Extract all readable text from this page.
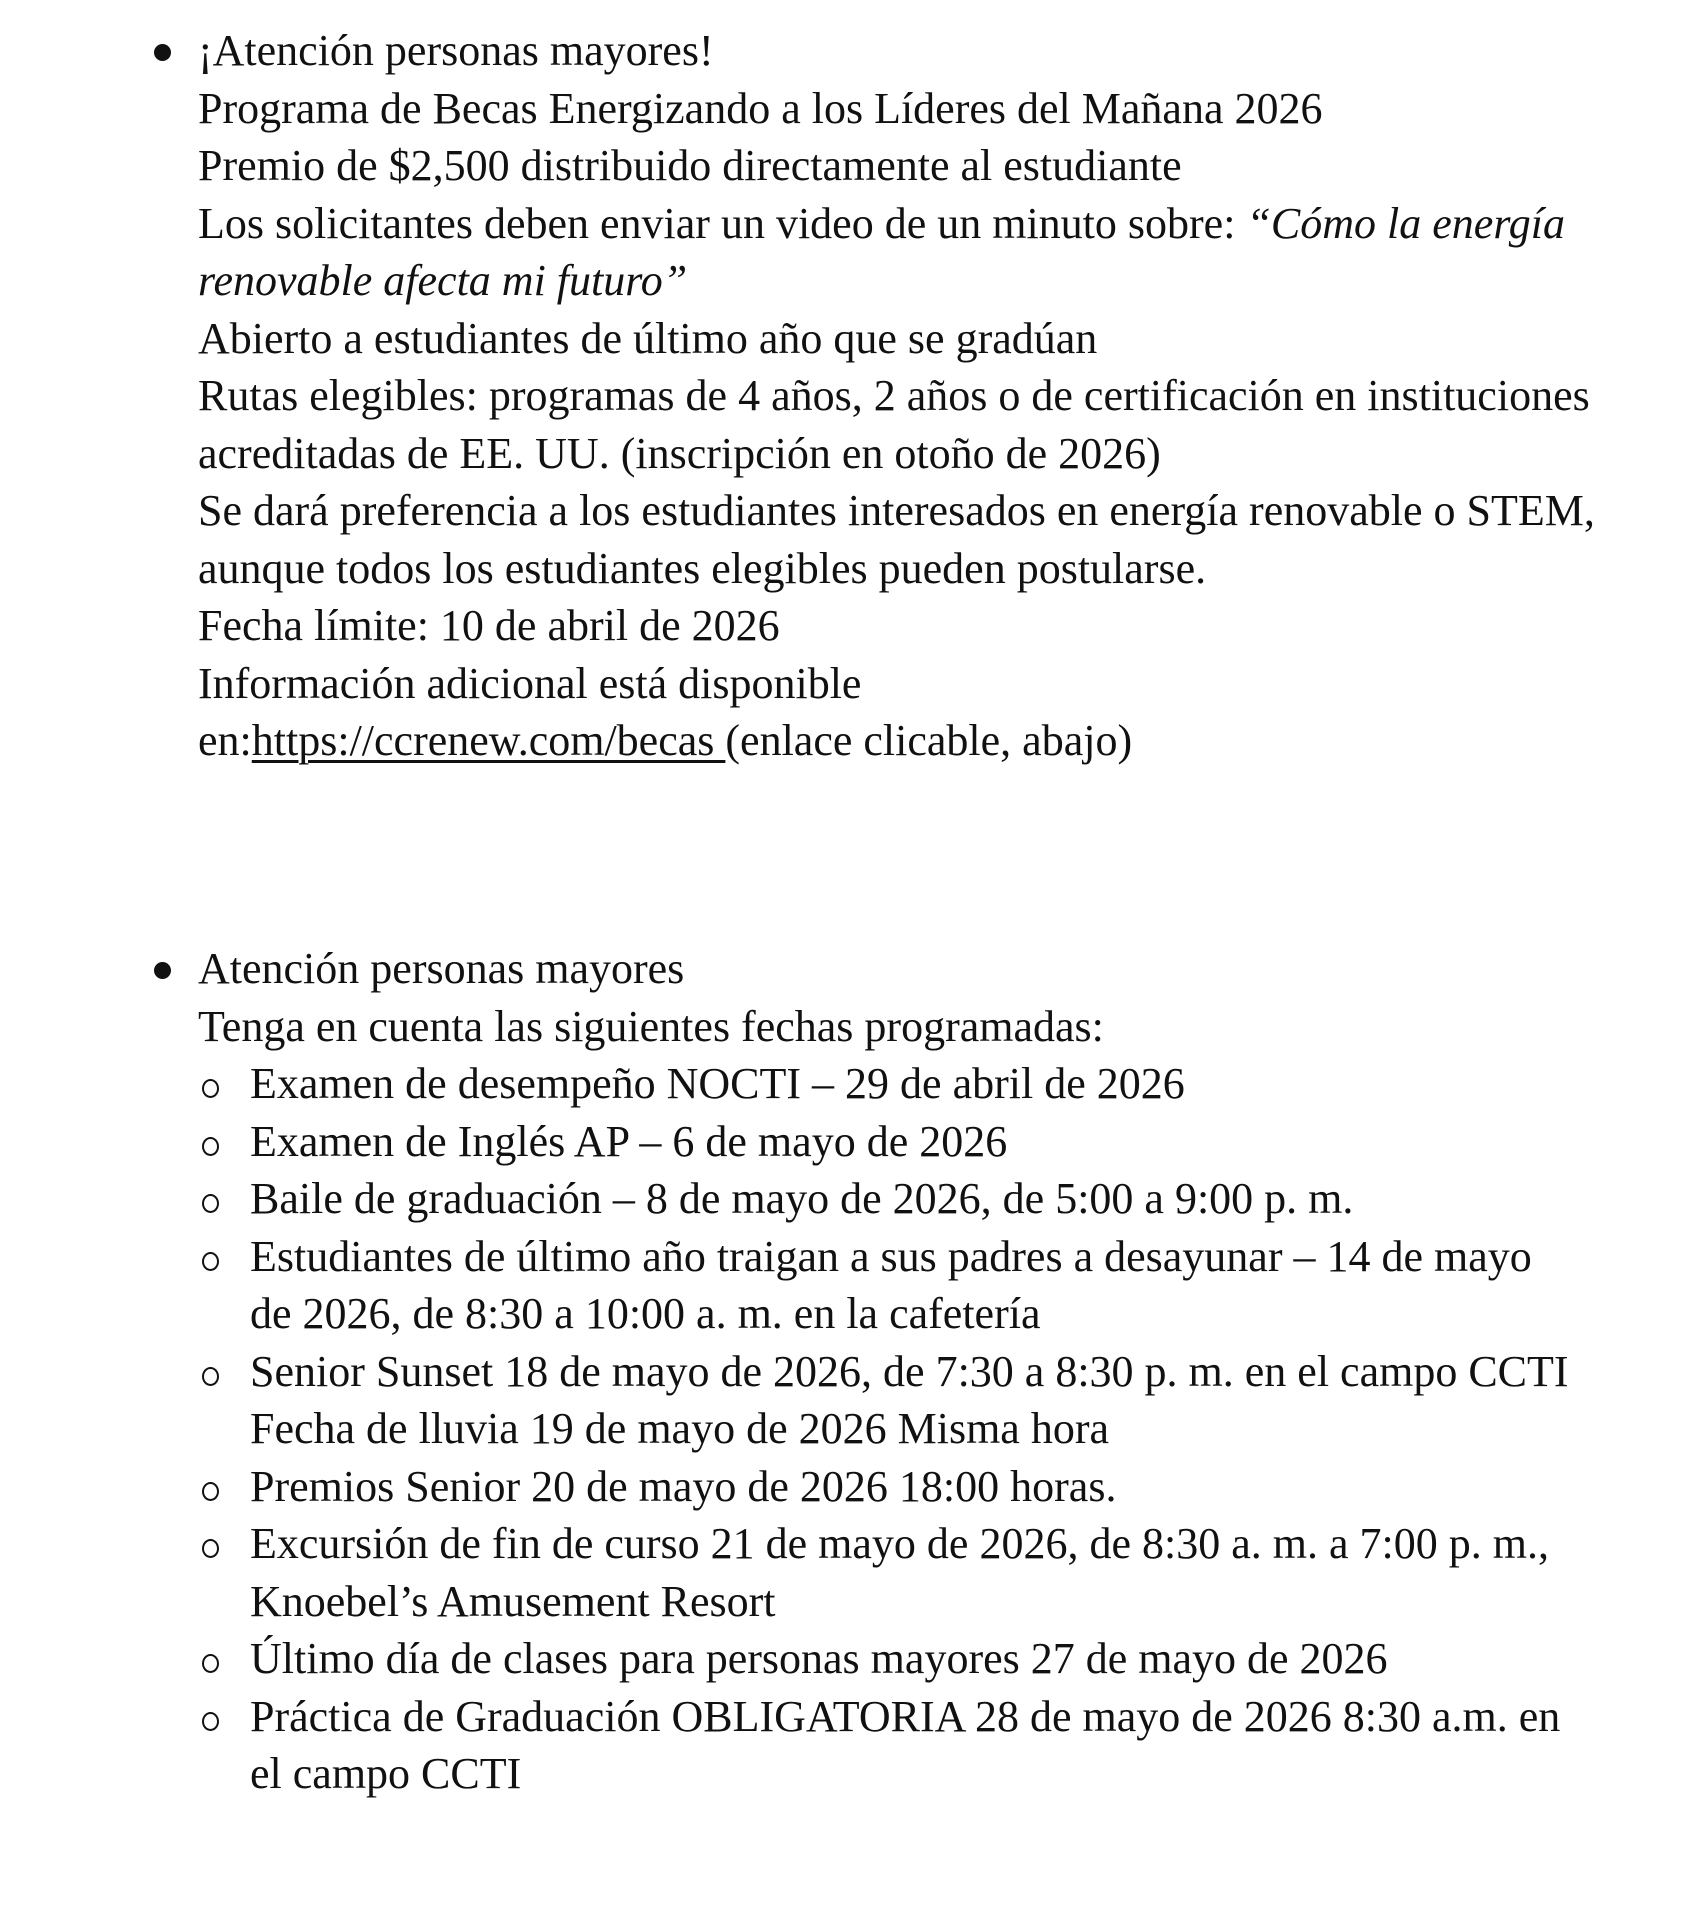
¡Atención personas mayores!
Programa de Becas Energizando a los Líderes del Mañana 2026
Premio de $2,500 distribuido directamente al estudiante
Los solicitantes deben enviar un video de un minuto sobre: “Cómo la energía renovable afecta mi futuro”
Abierto a estudiantes de último año que se gradúan
Rutas elegibles: programas de 4 años, 2 años o de certificación en instituciones acreditadas de EE. UU. (inscripción en otoño de 2026)
Se dará preferencia a los estudiantes interesados en energía renovable o STEM, aunque todos los estudiantes elegibles pueden postularse.
Fecha límite: 10 de abril de 2026
Información adicional está disponible
en:https://ccrenew.com/becas (enlace clicable, abajo)
Atención personas mayores
Tenga en cuenta las siguientes fechas programadas:
Examen de desempeño NOCTI – 29 de abril de 2026
Examen de Inglés AP – 6 de mayo de 2026
Baile de graduación – 8 de mayo de 2026, de 5:00 a 9:00 p. m.
Estudiantes de último año traigan a sus padres a desayunar – 14 de mayo de 2026, de 8:30 a 10:00 a. m. en la cafetería
Senior Sunset 18 de mayo de 2026, de 7:30 a 8:30 p. m. en el campo CCTI
Fecha de lluvia 19 de mayo de 2026 Misma hora
Premios Senior 20 de mayo de 2026 18:00 horas.
Excursión de fin de curso 21 de mayo de 2026, de 8:30 a. m. a 7:00 p. m., Knoebel’s Amusement Resort
Último día de clases para personas mayores 27 de mayo de 2026
Práctica de Graduación OBLIGATORIA 28 de mayo de 2026 8:30 a.m. en el campo CCTI
